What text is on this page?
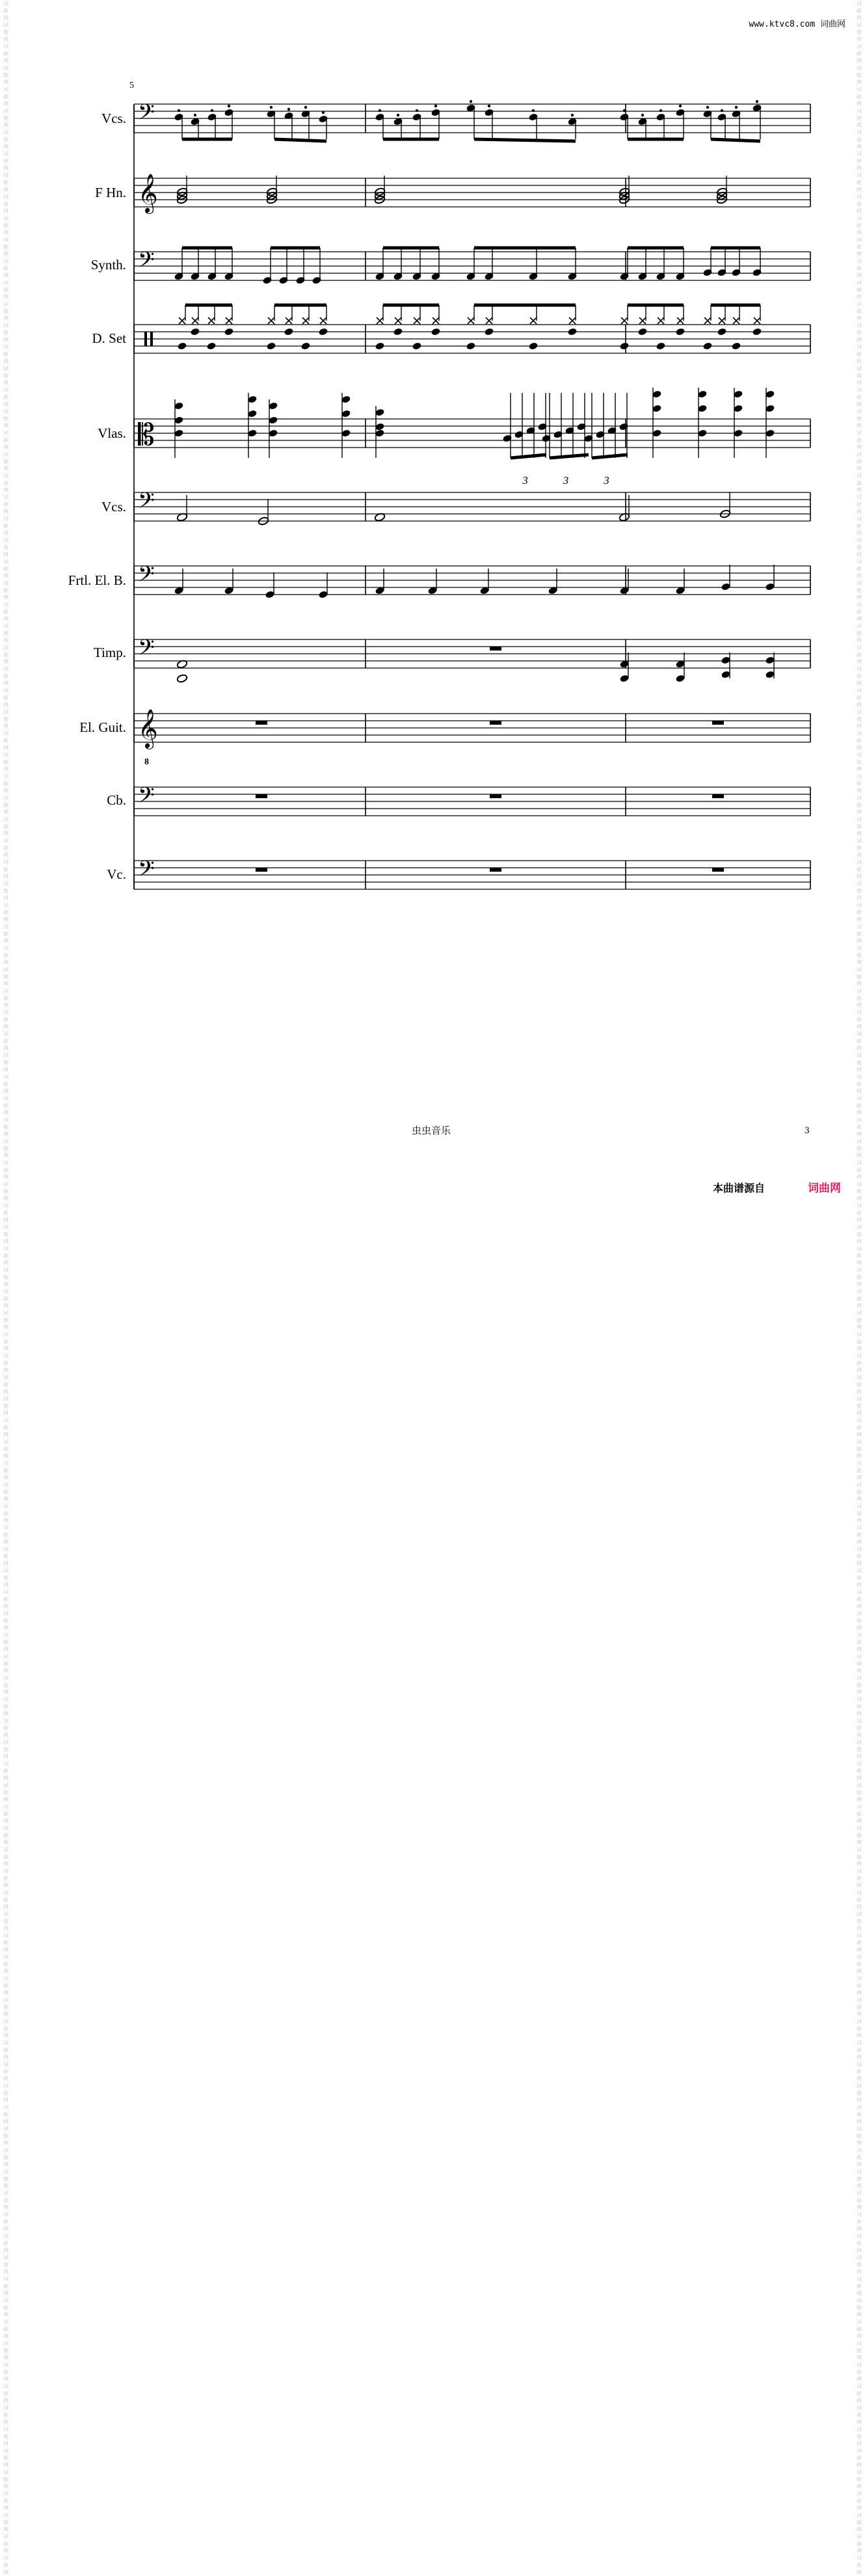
词曲网词曲网词曲网词曲网词曲网词曲网词曲网词曲网词曲网词曲网词曲网词曲网词曲网词曲网词曲网词曲网词曲网词曲网词曲网词曲网词曲网词曲网词曲网词曲网词曲网词曲网词曲网词曲网词曲网词曲网词曲网词曲网词曲网词曲网词曲网词曲网词曲网词曲网词曲网词曲网词曲网词曲网词曲网词曲网词曲网词曲网词曲网词曲网词曲网词曲网词曲网词曲网词曲网词曲网词曲网词曲网词曲网词曲网词曲网词曲网词曲网词曲网词曲网词曲网词曲网词曲网词曲网词曲网词曲网词曲网词曲网词曲网词曲网词曲网词曲网词曲网词曲网词曲网词曲网词曲网词曲网词曲网词曲网词曲网词曲网词曲网词曲网词曲网词曲网词曲网词曲网词曲网词曲网词曲网词曲网词曲网词曲网词曲网词曲网词曲网词曲网词曲网词曲网词曲网词曲网词曲网词曲网词曲网词曲网词曲网词曲网词曲网词曲网词曲网词曲网词曲网词曲网词曲网词曲网词曲网
词曲网词曲网词曲网词曲网词曲网词曲网词曲网词曲网词曲网词曲网词曲网词曲网词曲网词曲网词曲网词曲网词曲网词曲网词曲网词曲网词曲网词曲网词曲网词曲网词曲网词曲网词曲网词曲网词曲网词曲网词曲网词曲网词曲网词曲网词曲网词曲网词曲网词曲网词曲网词曲网词曲网词曲网词曲网词曲网词曲网词曲网词曲网词曲网词曲网词曲网词曲网词曲网词曲网词曲网词曲网词曲网词曲网词曲网词曲网词曲网词曲网词曲网词曲网词曲网词曲网词曲网词曲网词曲网词曲网词曲网词曲网词曲网词曲网词曲网词曲网词曲网词曲网词曲网词曲网词曲网词曲网词曲网词曲网词曲网词曲网词曲网词曲网词曲网词曲网词曲网词曲网词曲网词曲网词曲网词曲网词曲网词曲网词曲网词曲网词曲网词曲网词曲网词曲网词曲网词曲网词曲网词曲网词曲网词曲网词曲网词曲网词曲网词曲网词曲网词曲网词曲网词曲网词曲网词曲网词曲网
www.ktvc8.com 词曲网
5
Vcs.
F Hn.
Synth.
D. Set
Vlas.
Vcs.
Frtl. El. B.
Timp.
El. Guit.
Cb.
Vc.
𝄢
𝄞
𝄢
𝄡
𝄢
𝄢
𝄢
𝄞
8
𝄢
𝄢
3	3	3
虫虫音乐	3
本曲谱源自	词曲网
